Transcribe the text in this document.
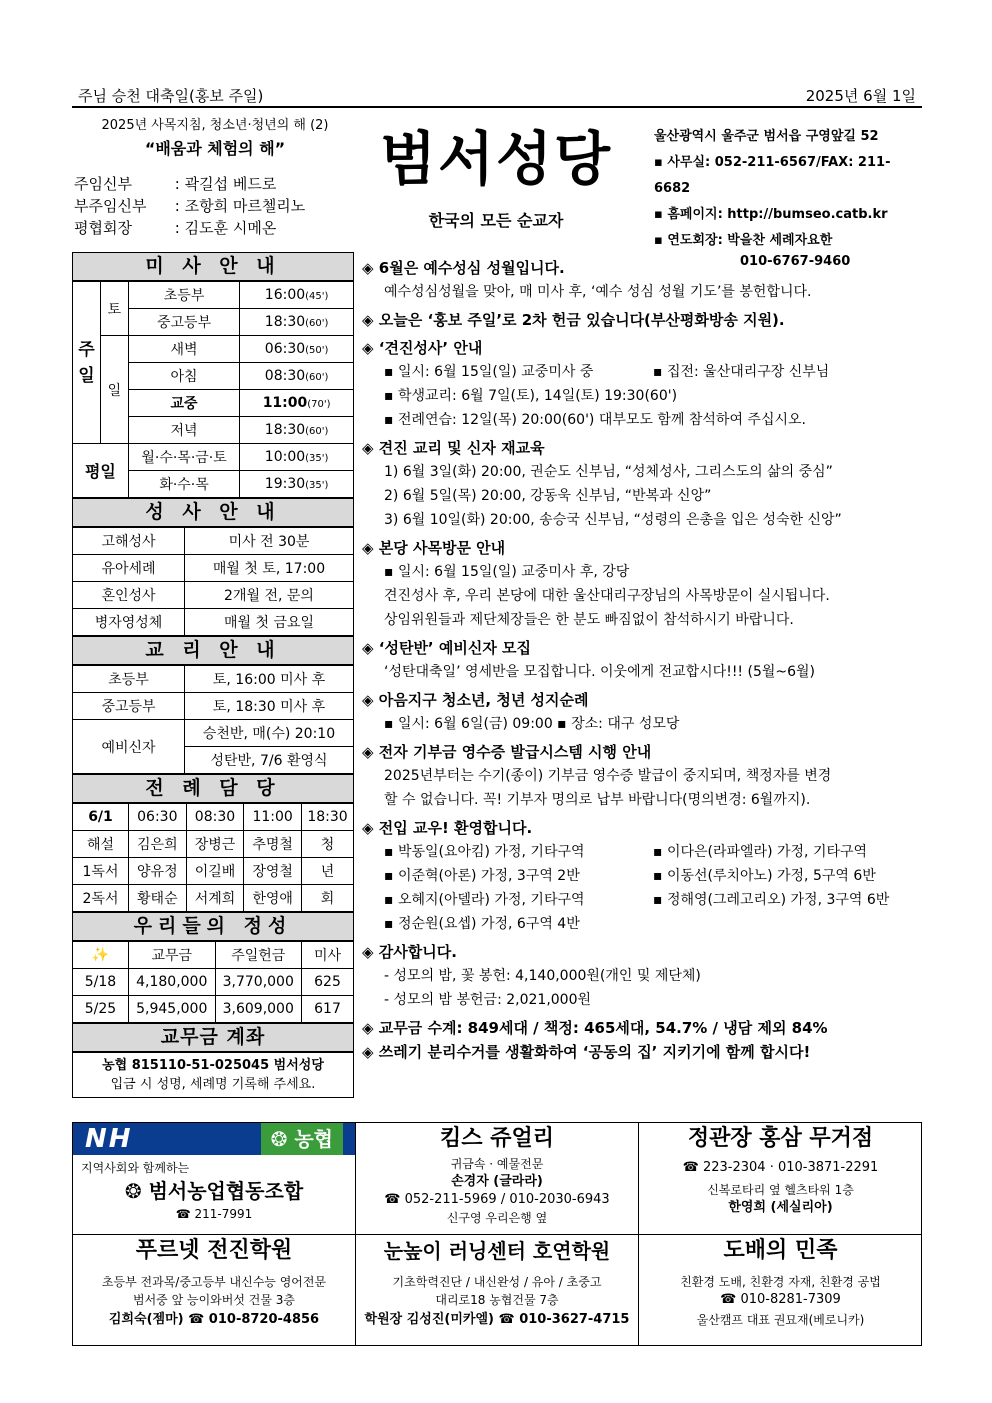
주님 승천 대축일(홍보 주일)	2025년 6월 1일
2025년 사목지침, 청소년·청년의 해 (2)
“배움과 체험의 해”
주임신부	: 곽길섭 베드로
부주임신부 : 조항희 마르첼리노
평협회장	: 김도훈 시메온
범서성당
한국의 모든 순교자
울산광역시 울주군 범서읍 구영앞길 52
▪ 사무실: 052-211-6567/FAX: 211-6682
▪ 홈페이지: http://bumseo.catb.kr
▪ 연도회장: 박을찬 세례자요한
010-6767-9460
미 사 안 내
주일	토	초등부	16:00(45')
		중고등부	18:30(60')
	일	새벽	06:30(50')
		아침	08:30(60')
		교중	11:00(70')
		저녁	18:30(60')
평일		월·수·목·금·토	10:00(35')
		화·수·목	19:30(35')
성 사 안 내
고해성사	미사 전 30분
유아세례	매월 첫 토, 17:00
혼인성사	2개월 전, 문의
병자영성체	매월 첫 금요일
교 리 안 내
초등부	토, 16:00 미사 후
중고등부	토, 18:30 미사 후
예비신자	승천반, 매(수) 20:10
	성탄반, 7/6 환영식
전 례 담 당
6/1	06:30	08:30	11:00	18:30
해설	김은희	장병근	추명철	청
1독서	양유정	이길배	장영철	년
2독서	황태순	서계희	한영애	회
우리들의 정성
✨	교무금	주일헌금	미사
5/18	4,180,000	3,770,000	625
5/25	5,945,000	3,609,000	617
교무금 계좌
농협 815110-51-025045 범서성당
입금 시 성명, 세례명 기록해 주세요.
◈ 6월은 예수성심 성월입니다.
예수성심성월을 맞아, 매 미사 후, ‘예수 성심 성월 기도’를 봉헌합니다.
◈ 오늘은 ‘홍보 주일’로 2차 헌금 있습니다(부산평화방송 지원).
◈ ‘견진성사’ 안내
▪ 일시: 6월 15일(일) 교중미사 중	▪ 집전: 울산대리구장 신부님
▪ 학생교리: 6월 7일(토), 14일(토) 19:30(60')
▪ 전례연습: 12일(목) 20:00(60') 대부모도 함께 참석하여 주십시오.
◈ 견진 교리 및 신자 재교육
1) 6월 3일(화) 20:00, 권순도 신부님, “성체성사, 그리스도의 삶의 중심”
2) 6월 5일(목) 20:00, 강동욱 신부님, “반복과 신앙”
3) 6월 10일(화) 20:00, 송승국 신부님, “성령의 은총을 입은 성숙한 신앙”
◈ 본당 사목방문 안내
▪ 일시: 6월 15일(일) 교중미사 후, 강당
견진성사 후, 우리 본당에 대한 울산대리구장님의 사목방문이 실시됩니다.
상임위원들과 제단체장들은 한 분도 빠짐없이 참석하시기 바랍니다.
◈ ‘성탄반’ 예비신자 모집
‘성탄대축일’ 영세반을 모집합니다. 이웃에게 전교합시다!!! (5월~6월)
◈ 아음지구 청소년, 청년 성지순례
▪ 일시: 6월 6일(금) 09:00 ▪ 장소: 대구 성모당
◈ 전자 기부금 영수증 발급시스템 시행 안내
2025년부터는 수기(종이) 기부금 영수증 발급이 중지되며, 책정자를 변경
할 수 없습니다. 꼭! 기부자 명의로 납부 바랍니다(명의변경: 6월까지).
◈ 전입 교우! 환영합니다.
▪ 박동일(요아킴) 가정, 기타구역	▪ 이다은(라파엘라) 가정, 기타구역
▪ 이준혁(아론) 가정, 3구역 2반	▪ 이동선(루치아노) 가정, 5구역 6반
▪ 오혜지(아델라) 가정, 기타구역	▪ 정해영(그레고리오) 가정, 3구역 6반
▪ 정순원(요셉) 가정, 6구역 4반
◈ 감사합니다.
- 성모의 밤, 꽃 봉헌: 4,140,000원(개인 및 제단체)
- 성모의 밤 봉헌금: 2,021,000원
◈ 교무금 수계: 849세대 / 책정: 465세대, 54.7% / 냉담 제외 84%
◈ 쓰레기 분리수거를 생활화하여 ‘공동의 집’ 지키기에 함께 합시다!
NH	❂ 농협
지역사회와 함께하는
❂ 범서농업협동조합
☎ 211-7991
킴스 쥬얼리
귀금속 · 예물전문
손경자 (글라라)
☎ 052-211-5969 / 010-2030-6943
신구영 우리은행 옆
정관장 홍삼 무거점
☎ 223-2304 · 010-3871-2291
신복로타리 옆 헬츠타워 1층
한영희 (세실리아)
푸르넷 전진학원
초등부 전과목/중고등부 내신수능 영어전문
범서중 앞 능이와버섯 건물 3층
김희숙(젬마) ☎ 010-8720-4856
눈높이 러닝센터 호연학원
기초학력진단 / 내신완성 / 유아 / 초중고
대리로18 농협건물 7층
학원장 김성진(미카엘) ☎ 010-3627-4715
도배의 민족
친환경 도배, 친환경 자재, 친환경 공법
☎ 010-8281-7309
울산캠프 대표 권묘재(베로니카)
